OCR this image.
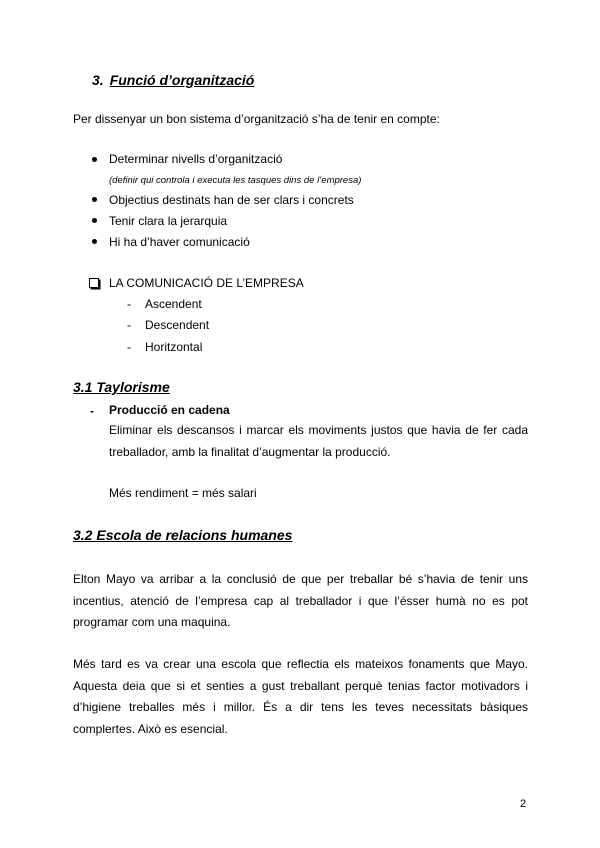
3. Funció d’organització
Per dissenyar un bon sistema d’organització s’ha de tenir en compte:
Determinar nivells d’organització
(definir qui controla i executa les tasques dins de l’empresa)
Objectius destinats han de ser clars i concrets
Tenir clara la jerarquia
Hi ha d’haver comunicació
LA COMUNICACIÓ DE L’EMPRESA
- Ascendent
- Descendent
- Horitzontal
3.1 Taylorisme
- Producció en cadena
Eliminar els descansos i marcar els moviments justos que havia de fer cada treballador, amb la finalitat d’augmentar la producció.
Més rendiment = més salari
3.2 Escola de relacions humanes
Elton Mayo va arribar a la conclusió de que per treballar bé s’havia de tenir uns incentius, atenció de l’empresa cap al treballador i que l’ésser humà no es pot programar com una maquina.
Més tard es va crear una escola que reflectia els mateixos fonaments que Mayo. Aquesta deia que si et senties a gust treballant perquè tenias factor motivadors i d’higiene treballes més i millor. És a dir tens les teves necessitats bàsiques complertes. Això es esencial.
2
